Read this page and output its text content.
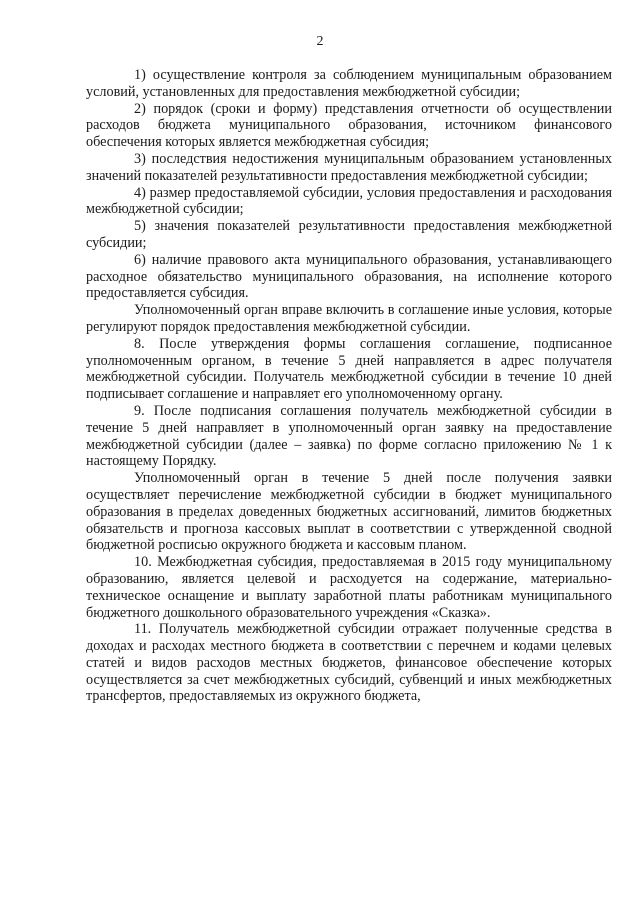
2

1) осуществление контроля за соблюдением муниципальным образованием условий, установленных для предоставления межбюджетной субсидии;

2) порядок (сроки и форму) представления отчетности об осуществлении расходов бюджета муниципального образования, источником финансового обеспечения которых является межбюджетная субсидия;

3) последствия недостижения муниципальным образованием установленных значений показателей результативности предоставления межбюджетной субсидии;

4) размер предоставляемой субсидии, условия предоставления и расходования межбюджетной субсидии;

5) значения показателей результативности предоставления межбюджетной субсидии;

6) наличие правового акта муниципального образования, устанавливающего расходное обязательство муниципального образования, на исполнение которого предоставляется субсидия.

Уполномоченный орган вправе включить в соглашение иные условия, которые регулируют порядок предоставления межбюджетной субсидии.

8. После утверждения формы соглашения соглашение, подписанное уполномоченным органом, в течение 5 дней направляется в адрес получателя межбюджетной субсидии. Получатель межбюджетной субсидии в течение 10 дней подписывает соглашение и направляет его уполномоченному органу.

9. После подписания соглашения получатель межбюджетной субсидии в течение 5 дней направляет в уполномоченный орган заявку на предоставление межбюджетной субсидии (далее – заявка) по форме согласно приложению № 1 к настоящему Порядку.

Уполномоченный орган в течение 5 дней после получения заявки осуществляет перечисление межбюджетной субсидии в бюджет муниципального образования в пределах доведенных бюджетных ассигнований, лимитов бюджетных обязательств и прогноза кассовых выплат в соответствии с утвержденной сводной бюджетной росписью окружного бюджета и кассовым планом.

10. Межбюджетная субсидия, предоставляемая в 2015 году муниципальному образованию, является целевой и расходуется на содержание, материально-техническое оснащение и выплату заработной платы работникам муниципального бюджетного дошкольного образовательного учреждения «Сказка».

11. Получатель межбюджетной субсидии отражает полученные средства в доходах и расходах местного бюджета в соответствии с перечнем и кодами целевых статей и видов расходов местных бюджетов, финансовое обеспечение которых осуществляется за счет межбюджетных субсидий, субвенций и иных межбюджетных трансфертов, предоставляемых из окружного бюджета,
